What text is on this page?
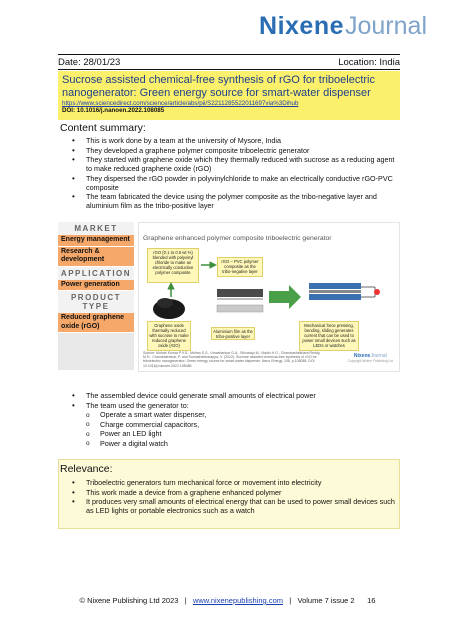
NixeneJournal
Date: 28/01/23	Location: India
Sucrose assisted chemical-free synthesis of rGO for triboelectric nanogenerator: Green energy source for smart-water dispenser
https://www.sciencedirect.com/science/article/abs/pii/S2211285522011697via%3Dihub
DOI: 10.1016/j.nanoen.2022.108085
Content summary:
• This is work done by a team at the university of Mysore, India
• They developed a graphene polymer composite triboelectric generator
• They started with graphene oxide which they thermally reduced with sucrose as a reducing agent to make reduced graphene oxide (rGO)
• They dispersed the rGO powder in polyvinylchloride to make an electrically conductive rGO-PVC composite
• The team fabricated the device using the polymer composite as the tribo-negative layer and aluminium film as the tribo-positive layer
MARKET
Energy management
Research & development
APPLICATION
Power generation
PRODUCT TYPE
Reduced graphene oxide (rGO)
Graphene enhanced polymer composite triboelectric generator
rGO (0.1 to 0.5 wt %) blended with polyvinyl chloride to make an electrically conductive polymer composite
rGO – PVC polymer composite as the tribo-negative layer
Graphene oxide thermally reduced with sucrose to make reduced graphene oxide (rGO)
Aluminium film as the tribo-positive layer
Mechanical force pressing, bending, sliding generates current that can be used to power small devices such as LEDs or watches
Source: Mohan Kumar P.V.S., Mohan S.S., Umashankar G.A., Shivaraju M., Naidu H.G., Chandrashekhara Reddy, M.H., Chandrashekar, P. and Somashekharappa, V. (2022). Sucrose assisted chemical-free synthesis of rGO for triboelectric nanogenerator: Green energy source for smart-water dispenser. Nano Energy, 108, p.108085. DOI 10.1016/j.nanoen.2022.108085
NixeneJournal
Copyright Nixene Publishing Ltd
• The assembled device could generate small amounts of electrical power
• The team used the generator to:
o Operate a smart water dispenser,
o Charge commercial capacitors,
o Power an LED light
o Power a digital watch
Relevance:
• Triboelectric generators turn mechanical force or movement into electricity
• This work made a device from a graphene enhanced polymer
• It produces very small amounts of electrical energy that can be used to power small devices such as LED lights or portable electronics such as a watch
© Nixene Publishing Ltd 2023 | www.nixenepublishing.com | Volume 7 issue 2 16
